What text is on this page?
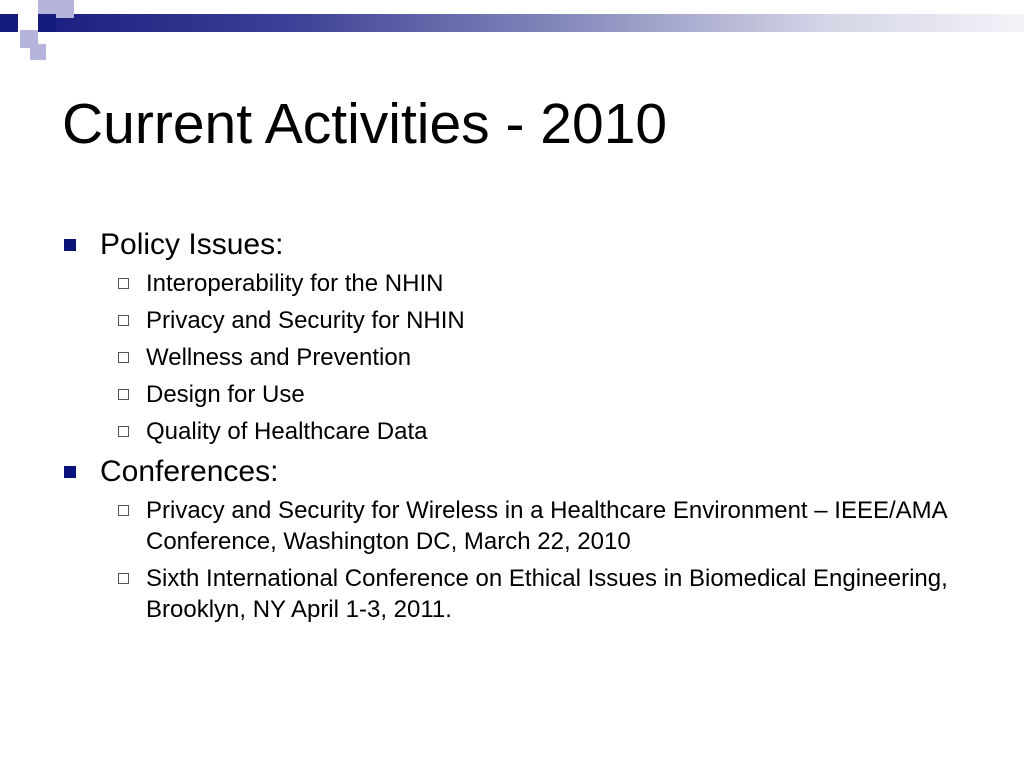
Current Activities - 2010
Policy Issues:
Interoperability for the NHIN
Privacy and Security for NHIN
Wellness and Prevention
Design for Use
Quality of Healthcare Data
Conferences:
Privacy and Security for Wireless in a Healthcare Environment – IEEE/AMA Conference, Washington DC, March 22, 2010
Sixth International Conference on Ethical Issues in Biomedical Engineering, Brooklyn, NY April 1-3, 2011.
